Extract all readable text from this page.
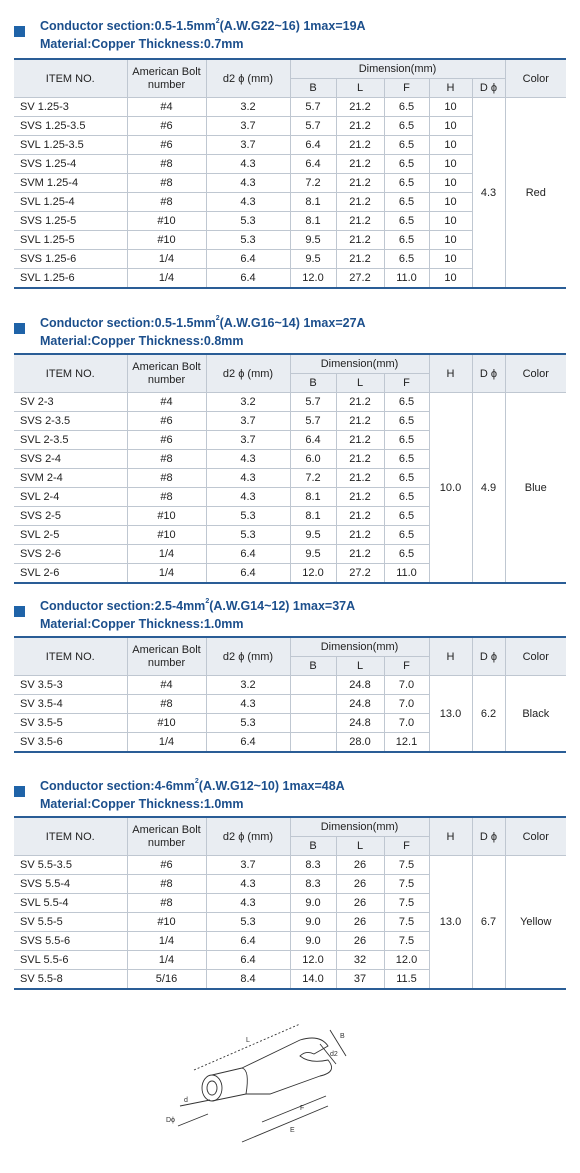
Conductor $section:0.5-1.5mm^2(A.W.G22\sim 16)$ 1max=19A
Material:Copper Thickness:0.7mm
ITEM NO.	American Bolt number	d2 ϕ (mm)	Dimension(mm)					Color
			B	L	F	H	D ϕ	
SV 1.25-3	#4	3.2	5.7	21.2	6.5	10	4.3	Red
SVS 1.25-3.5	#6	3.7	5.7	21.2	6.5	10		
SVL 1.25-3.5	#6	3.7	6.4	21.2	6.5	10		
SVS 1.25-4	#8	4.3	6.4	21.2	6.5	10		
SVM 1.25-4	#8	4.3	7.2	21.2	6.5	10		
SVL 1.25-4	#8	4.3	8.1	21.2	6.5	10		
SVS 1.25-5	#10	5.3	8.1	21.2	6.5	10		
SVL 1.25-5	#10	5.3	9.5	21.2	6.5	10		
SVS 1.25-6	1/4	6.4	9.5	21.2	6.5	10		
SVL 1.25-6	1/4	6.4	12.0	27.2	11.0	10		
Conductor $section:0.5-1.5mm^2(A.W.G16\sim 14)$ 1max=27A
Material:Copper Thickness:0.8mm
ITEM NO.	American Bolt number	d2 ϕ (mm)	Dimension(mm)			H	D ϕ	Color
			B	L	F			
SV 2-3	#4	3.2	5.7	21.2	6.5	10.0	4.9	Blue
SVS 2-3.5	#6	3.7	5.7	21.2	6.5			
SVL 2-3.5	#6	3.7	6.4	21.2	6.5			
SVS 2-4	#8	4.3	6.0	21.2	6.5			
SVM 2-4	#8	4.3	7.2	21.2	6.5			
SVL 2-4	#8	4.3	8.1	21.2	6.5			
SVS 2-5	#10	5.3	8.1	21.2	6.5			
SVL 2-5	#10	5.3	9.5	21.2	6.5			
SVS 2-6	1/4	6.4	9.5	21.2	6.5			
SVL 2-6	1/4	6.4	12.0	27.2	11.0			
Conductor $section:2.5-4mm^2(A.W.G14\sim 12)$ 1max=37A
Material:Copper Thickness:1.0mm
ITEM NO.	American Bolt number	d2 ϕ (mm)	Dimension(mm)			H	D ϕ	Color
			B	L	F			
SV 3.5-3	#4	3.2		24.8	7.0	13.0	6.2	Black
SV 3.5-4	#8	4.3		24.8	7.0			
SV 3.5-5	#10	5.3		24.8	7.0			
SV 3.5-6	1/4	6.4		28.0	12.1			
Conductor $section:4-6mm^2(A.W.G12\sim 10)$ 1max=48A
Material:Copper Thickness:1.0mm
ITEM NO.	American Bolt number	d2 ϕ (mm)	Dimension(mm)			H	D ϕ	Color
			B	L	F			
SV 5.5-3.5	#6	3.7	8.3	26	7.5	13.0	6.7	Yellow
SVS 5.5-4	#8	4.3	8.3	26	7.5			
SVL 5.5-4	#8	4.3	9.0	26	7.5			
SV 5.5-5	#10	5.3	9.0	26	7.5			
SVS 5.5-6	1/4	6.4	9.0	26	7.5			
SVL 5.5-6	1/4	6.4	12.0	32	12.0			
SV 5.5-8	5/16	8.4	14.0	37	11.5			
L
B
d2
F
E
d
Dϕ
